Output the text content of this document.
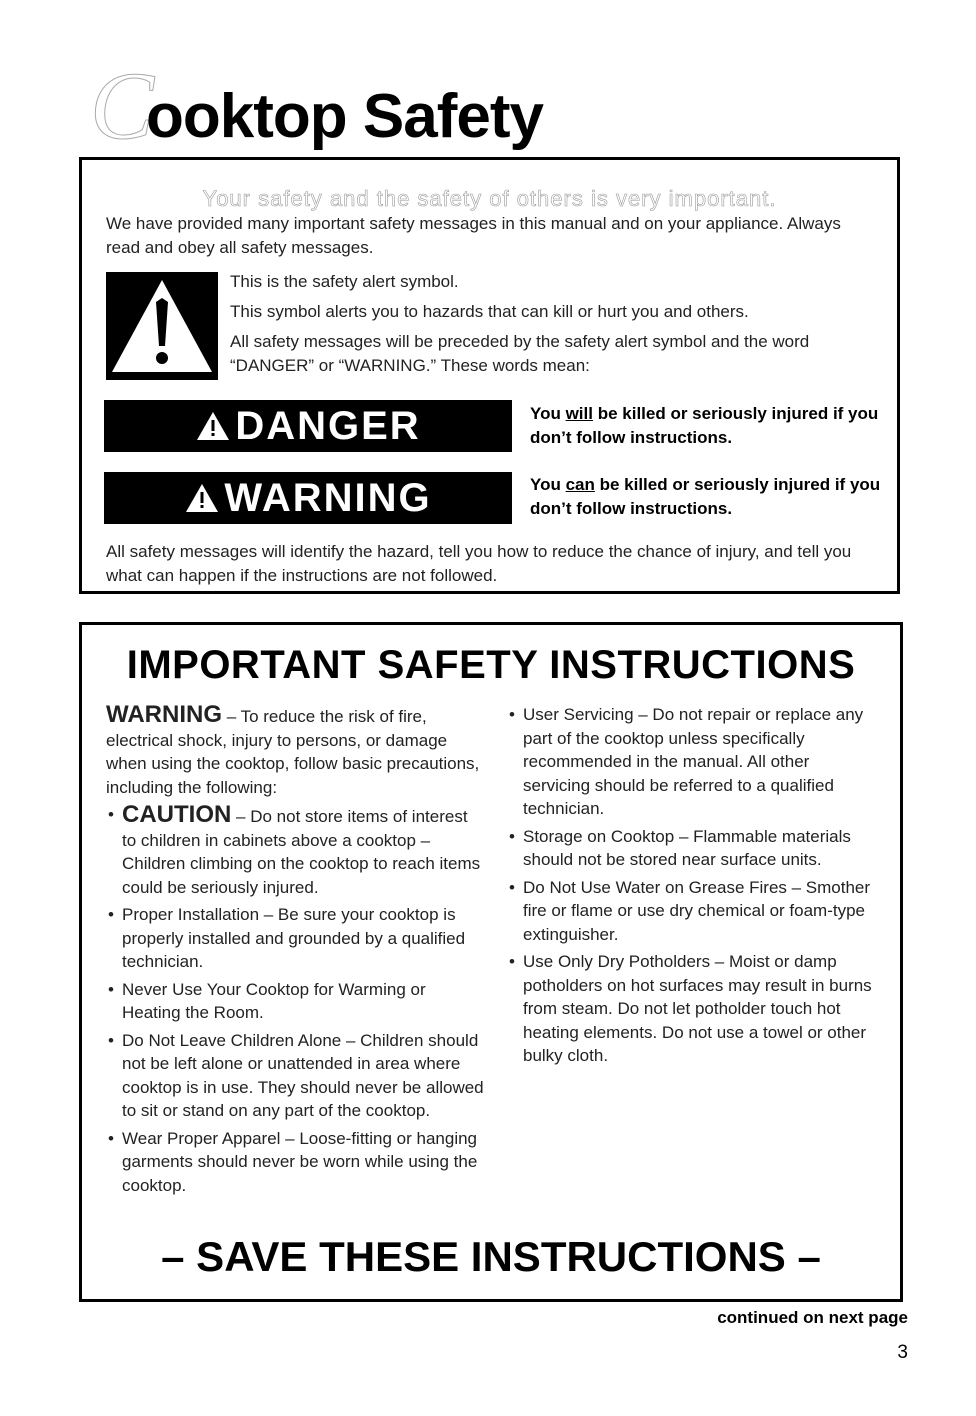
C
ooktop Safety
Your safety and the safety of others is very important.

We have provided many important safety messages in this manual and on your appliance. Always read and obey all safety messages.

This is the safety alert symbol.
This symbol alerts you to hazards that can kill or hurt you and others.
All safety messages will be preceded by the safety alert symbol and the word “DANGER” or “WARNING.” These words mean:
DANGER	You will be killed or seriously injured if you don’t follow instructions.
WARNING	You can be killed or seriously injured if you don’t follow instructions.

All safety messages will identify the hazard, tell you how to reduce the chance of injury, and tell you what can happen if the instructions are not followed.

IMPORTANT SAFETY INSTRUCTIONS
WARNING – To reduce the risk of fire, electrical shock, injury to persons, or damage when using the cooktop, follow basic precautions, including the following:
• CAUTION – Do not store items of interest to children in cabinets above a cooktop – Children climbing on the cooktop to reach items could be seriously injured.
• Proper Installation – Be sure your cooktop is properly installed and grounded by a qualified technician.
• Never Use Your Cooktop for Warming or Heating the Room.
• Do Not Leave Children Alone – Children should not be left alone or unattended in area where cooktop is in use. They should never be allowed to sit or stand on any part of the cooktop.
• Wear Proper Apparel – Loose-fitting or hanging garments should never be worn while using the cooktop.
• User Servicing – Do not repair or replace any part of the cooktop unless specifically recommended in the manual. All other servicing should be referred to a qualified technician.
• Storage on Cooktop – Flammable materials should not be stored near surface units.
• Do Not Use Water on Grease Fires – Smother fire or flame or use dry chemical or foam-type extinguisher.
• Use Only Dry Potholders – Moist or damp potholders on hot surfaces may result in burns from steam. Do not let potholder touch hot heating elements. Do not use a towel or other bulky cloth.
– SAVE THESE INSTRUCTIONS –
continued on next page
3
